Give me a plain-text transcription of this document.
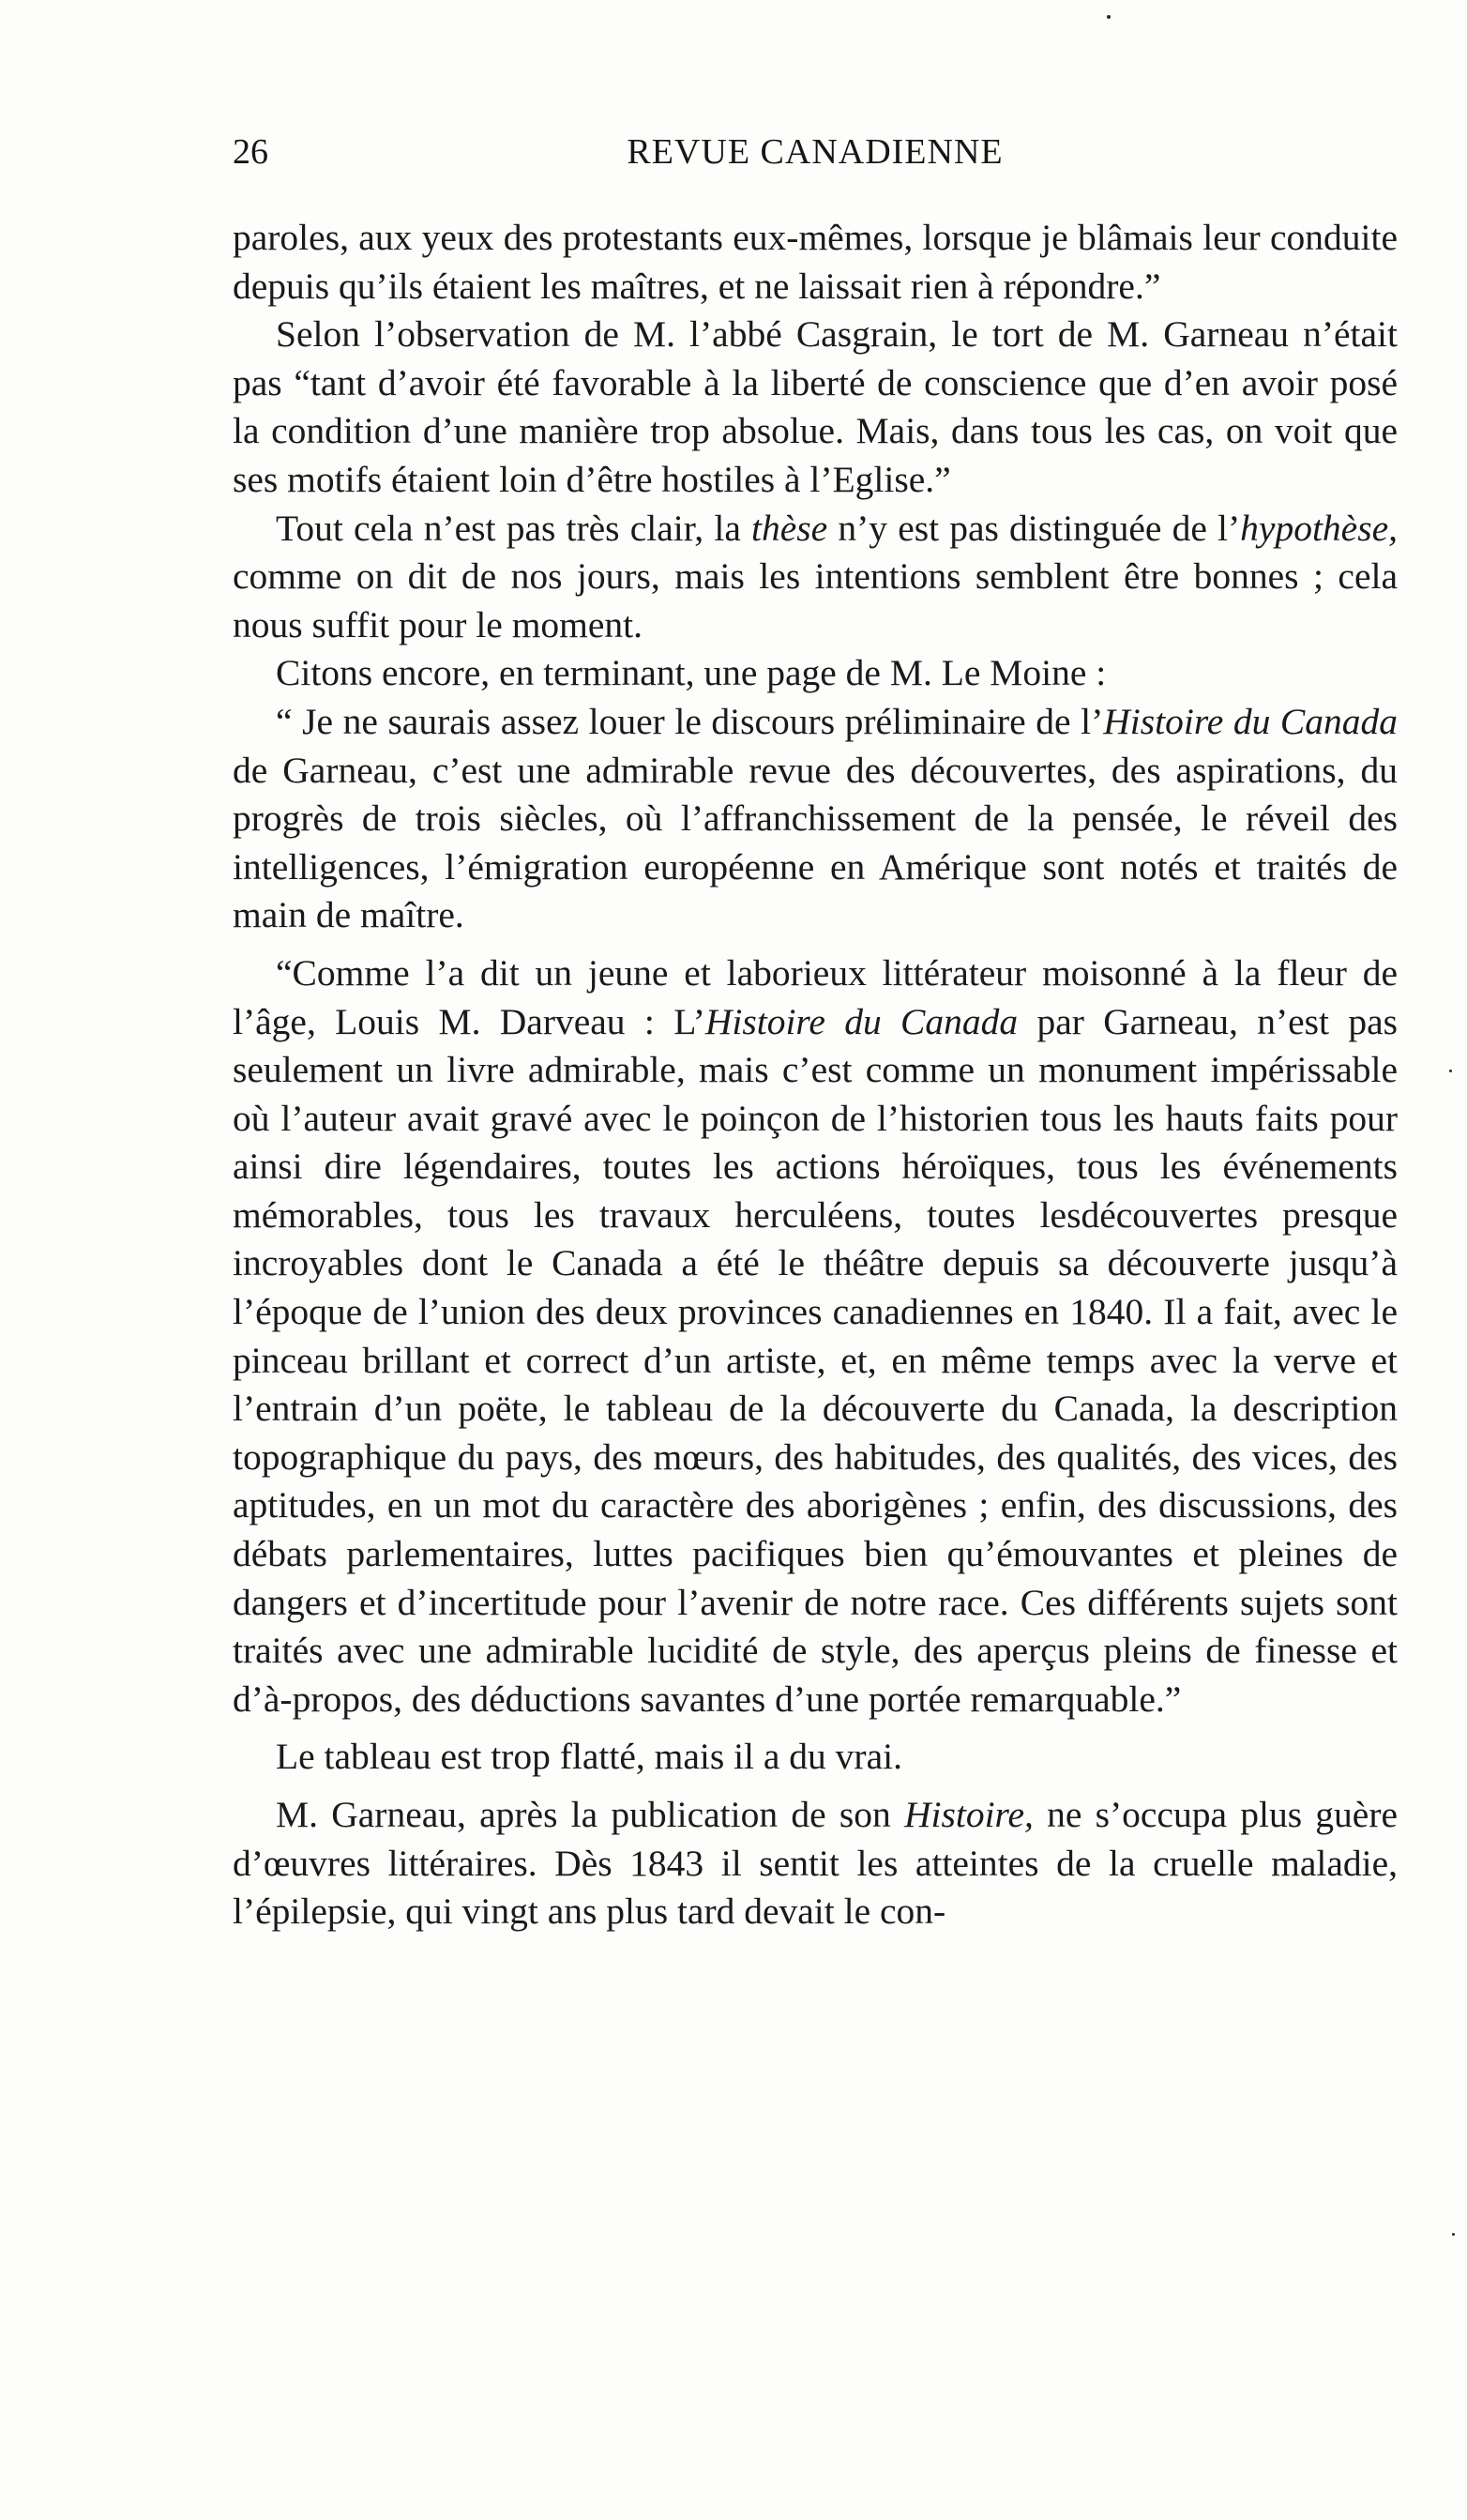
26	REVUE CANADIENNE

paroles, aux yeux des protestants eux-mêmes, lorsque je blâmais leur conduite depuis qu’ils étaient les maîtres, et ne laissait rien à répondre.”

Selon l’observation de M. l’abbé Casgrain, le tort de M. Garneau n’était pas “tant d’avoir été favorable à la liberté de conscience que d’en avoir posé la condition d’une manière trop absolue. Mais, dans tous les cas, on voit que ses motifs étaient loin d’être hostiles à l’Eglise.”

Tout cela n’est pas très clair, la thèse n’y est pas distinguée de l’hypothèse, comme on dit de nos jours, mais les intentions semblent être bonnes ; cela nous suffit pour le moment.

Citons encore, en terminant, une page de M. Le Moine :

“ Je ne saurais assez louer le discours préliminaire de l’Histoire du Canada de Garneau, c’est une admirable revue des découvertes, des aspirations, du progrès de trois siècles, où l’affranchissement de la pensée, le réveil des intelligences, l’émigration européenne en Amérique sont notés et traités de main de maître.

“Comme l’a dit un jeune et laborieux littérateur moisonné à la fleur de l’âge, Louis M. Darveau : L’Histoire du Canada par Garneau, n’est pas seulement un livre admirable, mais c’est comme un monument impérissable où l’auteur avait gravé avec le poinçon de l’historien tous les hauts faits pour ainsi dire légendaires, toutes les actions héroïques, tous les événements mémorables, tous les travaux herculéens, toutes lesdécouvertes presque incroyables dont le Canada a été le théâtre depuis sa découverte jusqu’à l’époque de l’union des deux provinces canadiennes en 1840. Il a fait, avec le pinceau brillant et correct d’un artiste, et, en même temps avec la verve et l’entrain d’un poëte, le tableau de la découverte du Canada, la description topographique du pays, des mœurs, des habitudes, des qualités, des vices, des aptitudes, en un mot du caractère des aborigènes ; enfin, des discussions, des débats parlementaires, luttes pacifiques bien qu’émouvantes et pleines de dangers et d’incertitude pour l’avenir de notre race. Ces différents sujets sont traités avec une admirable lucidité de style, des aperçus pleins de finesse et d’à-propos, des déductions savantes d’une portée remarquable.”

Le tableau est trop flatté, mais il a du vrai.

M. Garneau, après la publication de son Histoire, ne s’occupa plus guère d’œuvres littéraires. Dès 1843 il sentit les atteintes de la cruelle maladie, l’épilepsie, qui vingt ans plus tard devait le con-
